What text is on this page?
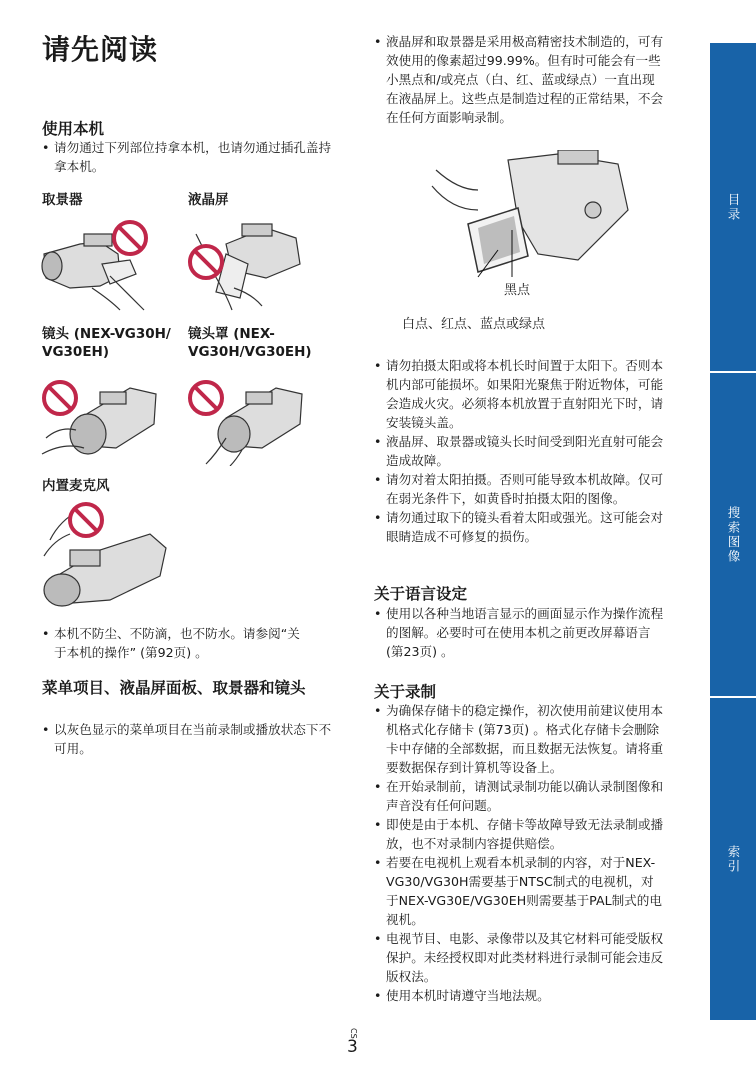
请先阅读
使用本机
• 请勿通过下列部位持拿本机，也请勿通过插孔盖持拿本机。
取景器	液晶屏
镜头 (NEX-VG30H/ VG30EH)
镜头罩 (NEX- VG30H/VG30EH)
内置麦克风
• 本机不防尘、不防滴，也不防水。请参阅“关于本机的操作” (第92页) 。
菜单项目、液晶屏面板、取景器和镜头
• 以灰色显示的菜单项目在当前录制或播放状态下不可用。
• 液晶屏和取景器是采用极高精密技术制造的，可有效使用的像素超过99.99%。但有时可能会有一些小黑点和/或亮点（白、红、蓝或绿点）一直出现在液晶屏上。这些点是制造过程的正常结果，不会在任何方面影响录制。
黑点
白点、红点、蓝点或绿点
• 请勿拍摄太阳或将本机长时间置于太阳下。否则本机内部可能损坏。如果阳光聚焦于附近物体，可能会造成火灾。必须将本机放置于直射阳光下时，请安装镜头盖。
• 液晶屏、取景器或镜头长时间受到阳光直射可能会造成故障。
• 请勿对着太阳拍摄。否则可能导致本机故障。仅可在弱光条件下，如黄昏时拍摄太阳的图像。
• 请勿通过取下的镜头看着太阳或强光。这可能会对眼睛造成不可修复的损伤。
关于语言设定
• 使用以各种当地语言显示的画面显示作为操作流程的图解。必要时可在使用本机之前更改屏幕语言 (第23页) 。
关于录制
• 为确保存储卡的稳定操作，初次使用前建议使用本机格式化存储卡 (第73页) 。格式化存储卡会删除卡中存储的全部数据，而且数据无法恢复。请将重要数据保存到计算机等设备上。
• 在开始录制前，请测试录制功能以确认录制图像和声音没有任何问题。
• 即使是由于本机、存储卡等故障导致无法录制或播放，也不对录制内容提供赔偿。
• 若要在电视机上观看本机录制的内容，对于NEX-VG30/VG30H需要基于NTSC制式的电视机，对于NEX-VG30E/VG30EH则需要基于PAL制式的电视机。
• 电视节目、电影、录像带以及其它材料可能受版权保护。未经授权即对此类材料进行录制可能会违反版权法。
• 使用本机时请遵守当地法规。
目录
搜索图像
索引
CS
3
